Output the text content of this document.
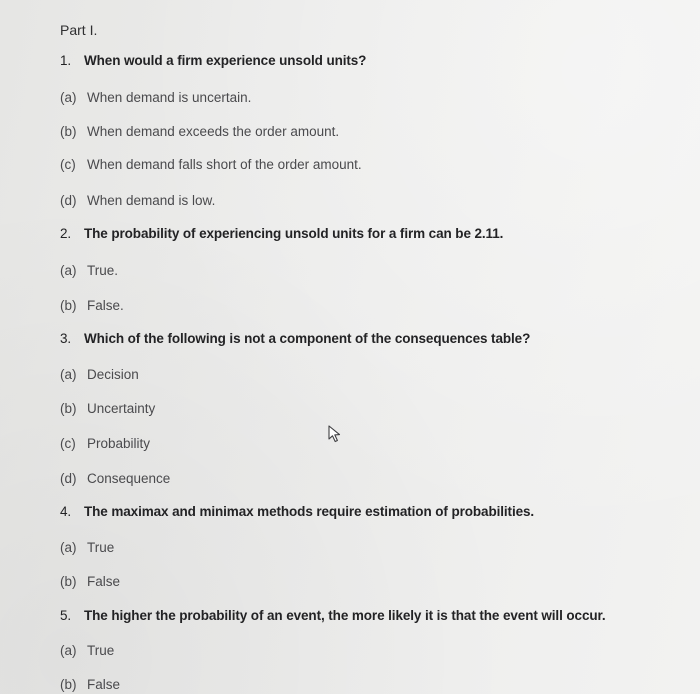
Part I.
1. When would a firm experience unsold units?
(a) When demand is uncertain.
(b) When demand exceeds the order amount.
(c) When demand falls short of the order amount.
(d) When demand is low.
2. The probability of experiencing unsold units for a firm can be 2.11.
(a) True.
(b) False.
3. Which of the following is not a component of the consequences table?
(a) Decision
(b) Uncertainty
(c) Probability
(d) Consequence
4. The maximax and minimax methods require estimation of probabilities.
(a) True
(b) False
5. The higher the probability of an event, the more likely it is that the event will occur.
(a) True
(b) False
